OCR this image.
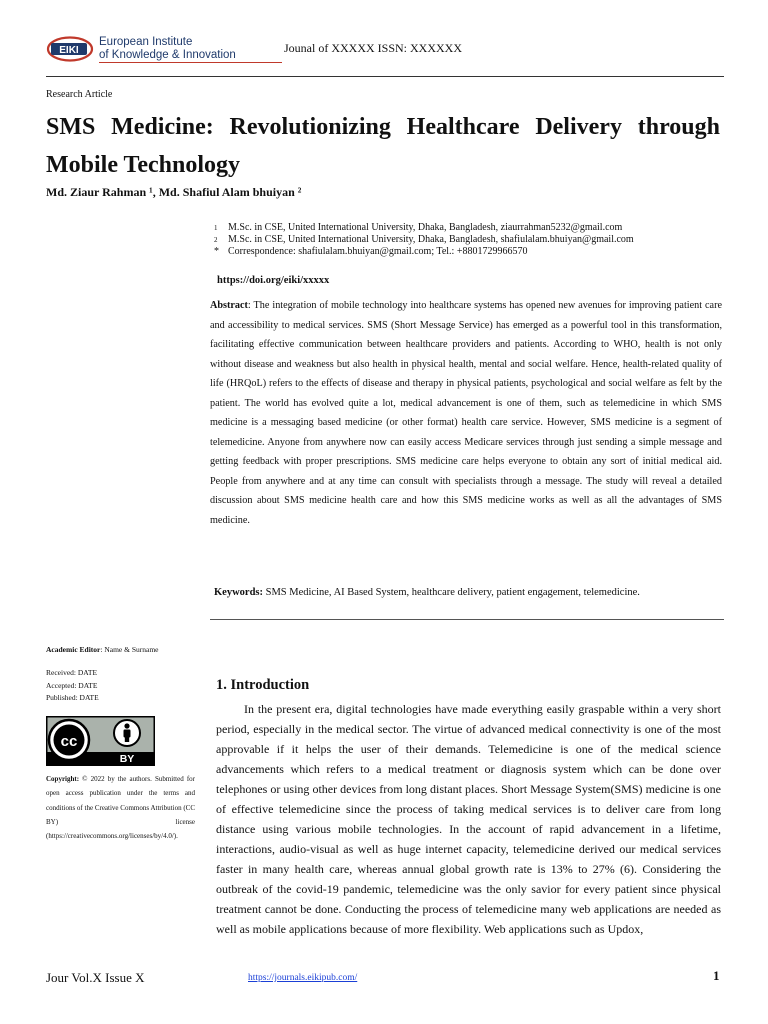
EIKI
European Institute
of Knowledge & Innovation	Jounal of XXXXX ISSN: XXXXXX
Research Article
SMS Medicine: Revolutionizing Healthcare Delivery through Mobile Technology
Md. Ziaur Rahman ¹, Md. Shafiul Alam bhuiyan ²
1	M.Sc. in CSE, United International University, Dhaka, Bangladesh, ziaurrahman5232@gmail.com
2	M.Sc. in CSE, United International University, Dhaka, Bangladesh, shafiulalam.bhuiyan@gmail.com
* Correspondence: shafiulalam.bhuiyan@gmail.com; Tel.: +8801729966570
https://doi.org/eiki/xxxxx

Abstract: The integration of mobile technology into healthcare systems has opened new avenues for improving patient care and accessibility to medical services. SMS (Short Message Service) has emerged as a powerful tool in this transformation, facilitating effective communication between healthcare providers and patients. According to WHO, health is not only without disease and weakness but also health in physical health, mental and social welfare. Hence, health-related quality of life (HRQoL) refers to the effects of disease and therapy in physical patients, psychological and social welfare as felt by the patient. The world has evolved quite a lot, medical advancement is one of them, such as telemedicine in which SMS medicine is a messaging based medicine (or other format) health care service. However, SMS medicine is a segment of telemedicine. Anyone from anywhere now can easily access Medicare services through just sending a simple message and getting feedback with proper prescriptions. SMS medicine care helps everyone to obtain any sort of initial medical aid. People from anywhere and at any time can consult with specialists through a message. The study will reveal a detailed discussion about SMS medicine health care and how this SMS medicine works as well as all the advantages of SMS medicine.

Keywords: SMS Medicine, AI Based System, healthcare delivery, patient engagement, telemedicine.
Academic Editor: Name & Surname
Received: DATE
Accepted: DATE
Published: DATE
cc
BY

Copyright: © 2022 by the authors. Submitted for open access publication under the terms and conditions of the Creative Commons Attribution (CC BY) license (https://creativecommons.org/licenses/by/4.0/).

1. Introduction

In the present era, digital technologies have made everything easily graspable within a very short period, especially in the medical sector. The virtue of advanced medical connectivity is one of the most approvable if it helps the user of their demands. Telemedicine is one of the medical science advancements which refers to a medical treatment or diagnosis system which can be done over telephones or using other devices from long distant places. Short Message System(SMS) medicine is one of effective telemedicine since the process of taking medical services is to deliver care from long distance using various mobile technologies. In the account of rapid advancement in a lifetime, interactions, audio-visual as well as huge internet capacity, telemedicine derived our medical services faster in many health care, whereas annual global growth rate is 13% to 27% (6). Considering the outbreak of the covid-19 pandemic, telemedicine was the only savior for every patient since physical treatment cannot be done. Conducting the process of telemedicine many web applications are needed as well as mobile applications because of more flexibility. Web applications such as Updox,

Jour Vol.X Issue X	https://journals.eikipub.com/	1
